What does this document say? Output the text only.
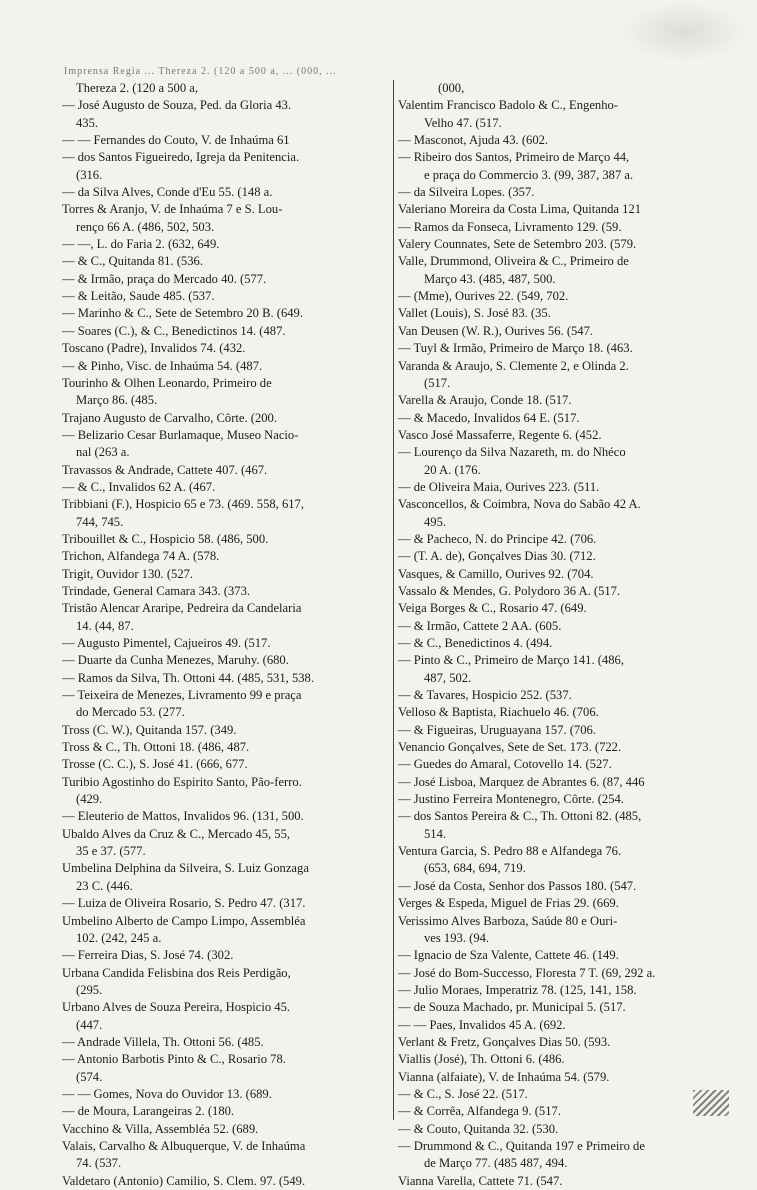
Imprensa Regia ... Thereza 2. (120 a 500 a, ... (000, ...
Thereza 2. (120 a 500 a,
— José Augusto de Souza, Ped. da Gloria 43.
435.
— — Fernandes do Couto, V. de Inhaúma 61
— dos Santos Figueiredo, Igreja da Penitencia.
(316.
— da Silva Alves, Conde d'Eu 55. (148 a.
Torres & Aranjo, V. de Inhaúma 7 e S. Lou-
renço 66 A. (486, 502, 503.
— —, L. do Faria 2. (632, 649.
— & C., Quitanda 81. (536.
— & Irmão, praça do Mercado 40. (577.
— & Leitão, Saude 485. (537.
— Marinho & C., Sete de Setembro 20 B. (649.
— Soares (C.), & C., Benedictinos 14. (487.
Toscano (Padre), Invalidos 74. (432.
— & Pinho, Visc. de Inhaúma 54. (487.
Tourinho & Olhen Leonardo, Primeiro de
Março 86. (485.
Trajano Augusto de Carvalho, Côrte. (200.
— Belizario Cesar Burlamaque, Museo Nacio-
nal (263 a.
Travassos & Andrade, Cattete 407. (467.
— & C., Invalidos 62 A. (467.
Tribbiani (F.), Hospicio 65 e 73. (469. 558, 617,
744, 745.
Tribouillet & C., Hospicio 58. (486, 500.
Trichon, Alfandega 74 A. (578.
Trigit, Ouvidor 130. (527.
Trindade, General Camara 343. (373.
Tristão Alencar Araripe, Pedreira da Candelaria
14. (44, 87.
— Augusto Pimentel, Cajueiros 49. (517.
— Duarte da Cunha Menezes, Maruhy. (680.
— Ramos da Silva, Th. Ottoni 44. (485, 531, 538.
— Teixeira de Menezes, Livramento 99 e praça
do Mercado 53. (277.
Tross (C. W.), Quitanda 157. (349.
Tross & C., Th. Ottoni 18. (486, 487.
Trosse (C. C.), S. José 41. (666, 677.
Turibio Agostinho do Espirito Santo, Pão-ferro.
(429.
— Eleuterio de Mattos, Invalidos 96. (131, 500.
Ubaldo Alves da Cruz & C., Mercado 45, 55,
35 e 37. (577.
Umbelina Delphina da Silveira, S. Luiz Gonzaga
23 C. (446.
— Luiza de Oliveira Rosario, S. Pedro 47. (317.
Umbelino Alberto de Campo Limpo, Assembléa
102. (242, 245 a.
— Ferreira Dias, S. José 74. (302.
Urbana Candida Felisbina dos Reis Perdigão,
(295.
Urbano Alves de Souza Pereira, Hospicio 45.
(447.
— Andrade Villela, Th. Ottoni 56. (485.
— Antonio Barbotis Pinto & C., Rosario 78.
(574.
— — Gomes, Nova do Ouvidor 13. (689.
— de Moura, Larangeiras 2. (180.
Vacchino & Villa, Assembléa 52. (689.
Valais, Carvalho & Albuquerque, V. de Inhaúma
74. (537.
Valdetaro (Antonio) Camilio, S. Clem. 97. (549.
(000,
Valentim Francisco Badolo & C., Engenho-
Velho 47. (517.
— Masconot, Ajuda 43. (602.
— Ribeiro dos Santos, Primeiro de Março 44,
e praça do Commercio 3. (99, 387, 387 a.
— da Silveira Lopes. (357.
Valeriano Moreira da Costa Lima, Quitanda 121
— Ramos da Fonseca, Livramento 129. (59.
Valery Counnates, Sete de Setembro 203. (579.
Valle, Drummond, Oliveira & C., Primeiro de
Março 43. (485, 487, 500.
— (Mme), Ourives 22. (549, 702.
Vallet (Louis), S. José 83. (35.
Van Deusen (W. R.), Ourives 56. (547.
— Tuyl & Irmão, Primeiro de Março 18. (463.
Varanda & Araujo, S. Clemente 2, e Olinda 2.
(517.
Varella & Araujo, Conde 18. (517.
— & Macedo, Invalidos 64 E. (517.
Vasco José Massaferre, Regente 6. (452.
— Lourenço da Silva Nazareth, m. do Nhéco
20 A. (176.
— de Oliveira Maia, Ourives 223. (511.
Vasconcellos, & Coimbra, Nova do Sabão 42 A.
495.
— & Pacheco, N. do Principe 42. (706.
— (T. A. de), Gonçalves Dias 30. (712.
Vasques, & Camillo, Ourives 92. (704.
Vassalo & Mendes, G. Polydoro 36 A. (517.
Veiga Borges & C., Rosario 47. (649.
— & Irmão, Cattete 2 AA. (605.
— & C., Benedictinos 4. (494.
— Pinto & C., Primeiro de Março 141. (486,
487, 502.
— & Tavares, Hospicio 252. (537.
Velloso & Baptista, Riachuelo 46. (706.
— & Figueiras, Uruguayana 157. (706.
Venancio Gonçalves, Sete de Set. 173. (722.
— Guedes do Amaral, Cotovello 14. (527.
— José Lisboa, Marquez de Abrantes 6. (87, 446
— Justino Ferreira Montenegro, Côrte. (254.
— dos Santos Pereira & C., Th. Ottoni 82. (485,
514.
Ventura Garcia, S. Pedro 88 e Alfandega 76.
(653, 684, 694, 719.
— José da Costa, Senhor dos Passos 180. (547.
Verges & Espeda, Miguel de Frias 29. (669.
Verissimo Alves Barboza, Saúde 80 e Ouri-
ves 193. (94.
— Ignacio de Sza Valente, Cattete 46. (149.
— José do Bom-Successo, Floresta 7 T. (69, 292 a.
— Julio Moraes, Imperatriz 78. (125, 141, 158.
— de Souza Machado, pr. Municipal 5. (517.
— — Paes, Invalidos 45 A. (692.
Verlant & Fretz, Gonçalves Dias 50. (593.
Viallis (José), Th. Ottoni 6. (486.
Vianna (alfaiate), V. de Inhaúma 54. (579.
— & C., S. José 22. (517.
— & Corrêa, Alfandega 9. (517.
— & Couto, Quitanda 32. (530.
— Drummond & C., Quitanda 197 e Primeiro de
de Março 77. (485 487, 494.
Vianna Varella, Cattete 71. (547.
